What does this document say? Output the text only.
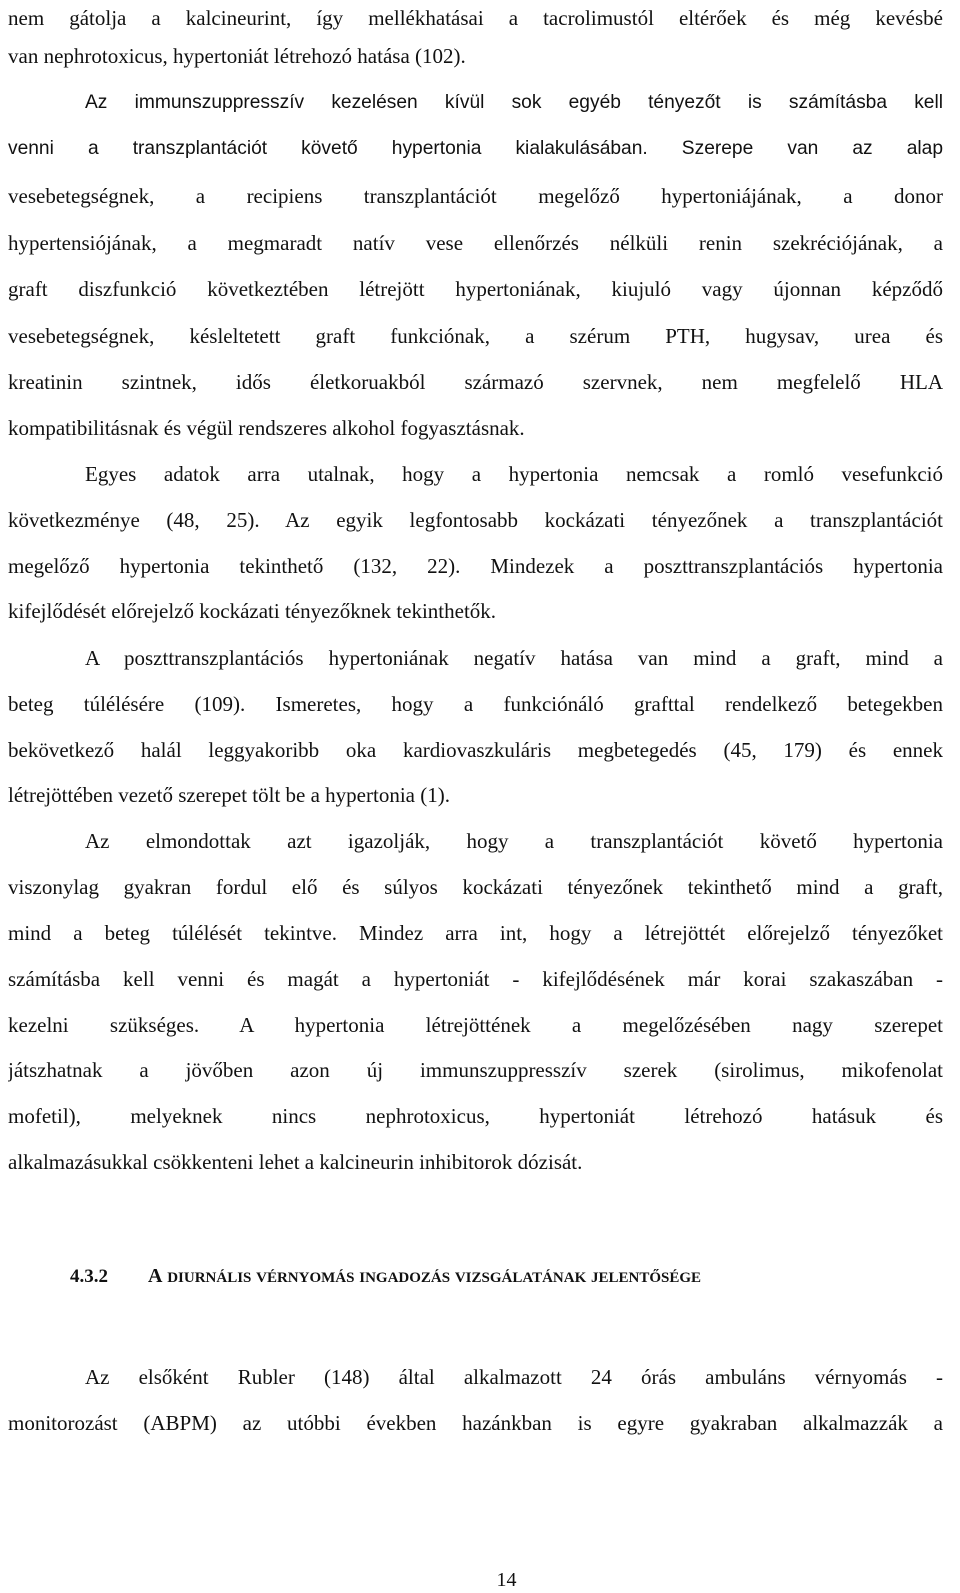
nem gátolja a kalcineurint, így mellékhatásai a tacrolimustól eltérőek és még kevésbé
van nephrotoxicus, hypertoniát létrehozó hatása (102).
Az immunszuppresszív kezelésen kívül sok egyéb tényezőt is számításba kell
venni a transzplantációt követő hypertonia kialakulásában. Szerepe van az alap
vesebetegségnek, a recipiens transzplantációt megelőző hypertoniájának, a donor
hypertensiójának, a megmaradt natív vese ellenőrzés nélküli renin szekréciójának, a
graft diszfunkció következtében létrejött hypertoniának, kiujuló vagy újonnan képződő
vesebetegségnek, késleltetett graft funkciónak, a szérum PTH, hugysav, urea és
kreatinin szintnek, idős életkoruakból származó szervnek, nem megfelelő HLA
kompatibilitásnak és végül rendszeres alkohol fogyasztásnak.
Egyes adatok arra utalnak, hogy a hypertonia nemcsak a romló vesefunkció
következménye (48, 25). Az egyik legfontosabb kockázati tényezőnek a transzplantációt
megelőző hypertonia tekinthető (132, 22). Mindezek a poszttranszplantációs hypertonia
kifejlődését előrejelző kockázati tényezőknek tekinthetők.
A poszttranszplantációs hypertoniának negatív hatása van mind a graft, mind a
beteg túlélésére (109). Ismeretes, hogy a funkciónáló grafttal rendelkező betegekben
bekövetkező halál leggyakoribb oka kardiovaszkuláris megbetegedés (45, 179) és ennek
létrejöttében vezető szerepet tölt be a hypertonia (1).
Az elmondottak azt igazolják, hogy a transzplantációt követő hypertonia
viszonylag gyakran fordul elő és súlyos kockázati tényezőnek tekinthető mind a graft,
mind a beteg túlélését tekintve. Mindez arra int, hogy a létrejöttét előrejelző tényezőket
számításba kell venni és magát a hypertoniát - kifejlődésének már korai szakaszában -
kezelni szükséges. A hypertonia létrejöttének a megelőzésében nagy szerepet
játszhatnak a jövőben azon új immunszuppresszív szerek (sirolimus, mikofenolat
mofetil), melyeknek nincs nephrotoxicus, hypertoniát létrehozó hatásuk és
alkalmazásukkal csökkenteni lehet a kalcineurin inhibitorok dózisát.
4.3.2 A DIURNÁLIS VÉRNYOMÁS INGADOZÁS VIZSGÁLATÁNAK JELENTŐSÉGE
Az elsőként Rubler (148) által alkalmazott 24 órás ambuláns vérnyomás -
monitorozást (ABPM) az utóbbi években hazánkban is egyre gyakraban alkalmazzák a
14
